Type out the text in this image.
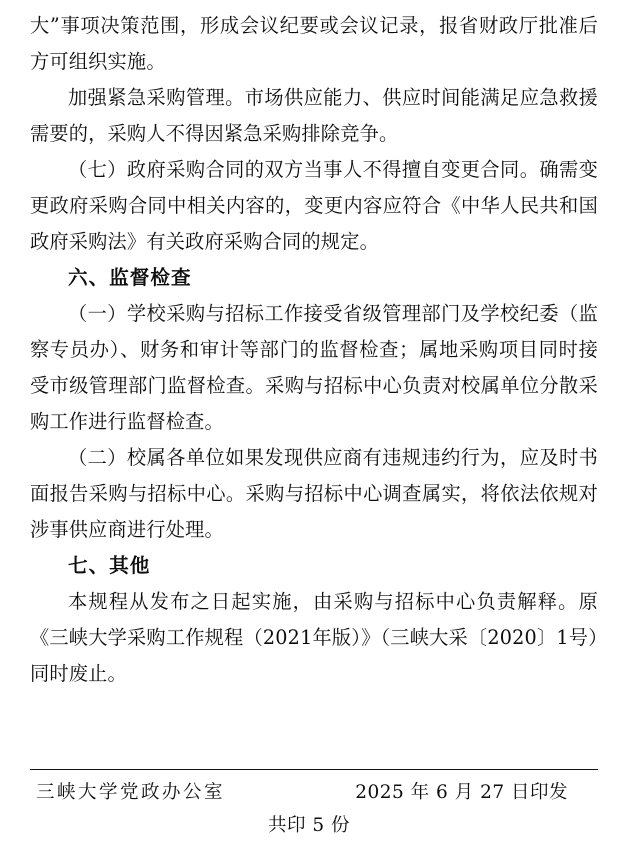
大”事项决策范围，形成会议纪要或会议记录，报省财政厅批准后方可组织实施。

加强紧急采购管理。市场供应能力、供应时间能满足应急救援需要的，采购人不得因紧急采购排除竞争。

（七）政府采购合同的双方当事人不得擅自变更合同。确需变更政府采购合同中相关内容的，变更内容应符合《中华人民共和国政府采购法》有关政府采购合同的规定。

六、监督检查

（一）学校采购与招标工作接受省级管理部门及学校纪委（监察专员办）、财务和审计等部门的监督检查；属地采购项目同时接受市级管理部门监督检查。采购与招标中心负责对校属单位分散采购工作进行监督检查。

（二）校属各单位如果发现供应商有违规违约行为，应及时书面报告采购与招标中心。采购与招标中心调查属实，将依法依规对涉事供应商进行处理。

七、其他

本规程从发布之日起实施，由采购与招标中心负责解释。原《三峡大学采购工作规程（2021年版）》（三峡大采〔2020〕1号）同时废止。

三峡大学党政办公室	2025 年 6 月 27 日印发
共印 5 份
